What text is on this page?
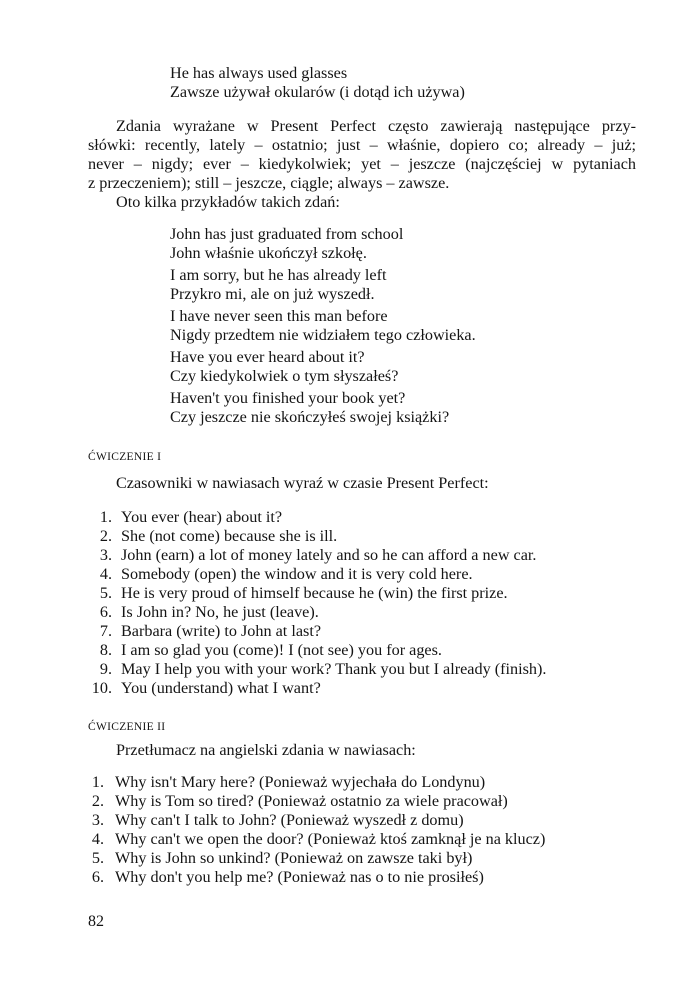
He has always used glasses
Zawsze używał okularów (i dotąd ich używa)
Zdania wyrażane w Present Perfect często zawierają następujące przy-
słówki: recently, lately – ostatnio; just – właśnie, dopiero co; already – już;
never – nigdy; ever – kiedykolwiek; yet – jeszcze (najczęściej w pytaniach
z przeczeniem); still – jeszcze, ciągle; always – zawsze.
Oto kilka przykładów takich zdań:
John has just graduated from school
John właśnie ukończył szkołę.
I am sorry, but he has already left
Przykro mi, ale on już wyszedł.
I have never seen this man before
Nigdy przedtem nie widziałem tego człowieka.
Have you ever heard about it?
Czy kiedykolwiek o tym słyszałeś?
Haven't you finished your book yet?
Czy jeszcze nie skończyłeś swojej książki?
ĆWICZENIE I
Czasowniki w nawiasach wyraź w czasie Present Perfect:
1. You ever (hear) about it?
2. She (not come) because she is ill.
3. John (earn) a lot of money lately and so he can afford a new car.
4. Somebody (open) the window and it is very cold here.
5. He is very proud of himself because he (win) the first prize.
6. Is John in? No, he just (leave).
7. Barbara (write) to John at last?
8. I am so glad you (come)! I (not see) you for ages.
9. May I help you with your work? Thank you but I already (finish).
10. You (understand) what I want?
ĆWICZENIE II
Przetłumacz na angielski zdania w nawiasach:
1. Why isn't Mary here? (Ponieważ wyjechała do Londynu)
2. Why is Tom so tired? (Ponieważ ostatnio za wiele pracował)
3. Why can't I talk to John? (Ponieważ wyszedł z domu)
4. Why can't we open the door? (Ponieważ ktoś zamknął je na klucz)
5. Why is John so unkind? (Ponieważ on zawsze taki był)
6. Why don't you help me? (Ponieważ nas o to nie prosiłeś)
82
